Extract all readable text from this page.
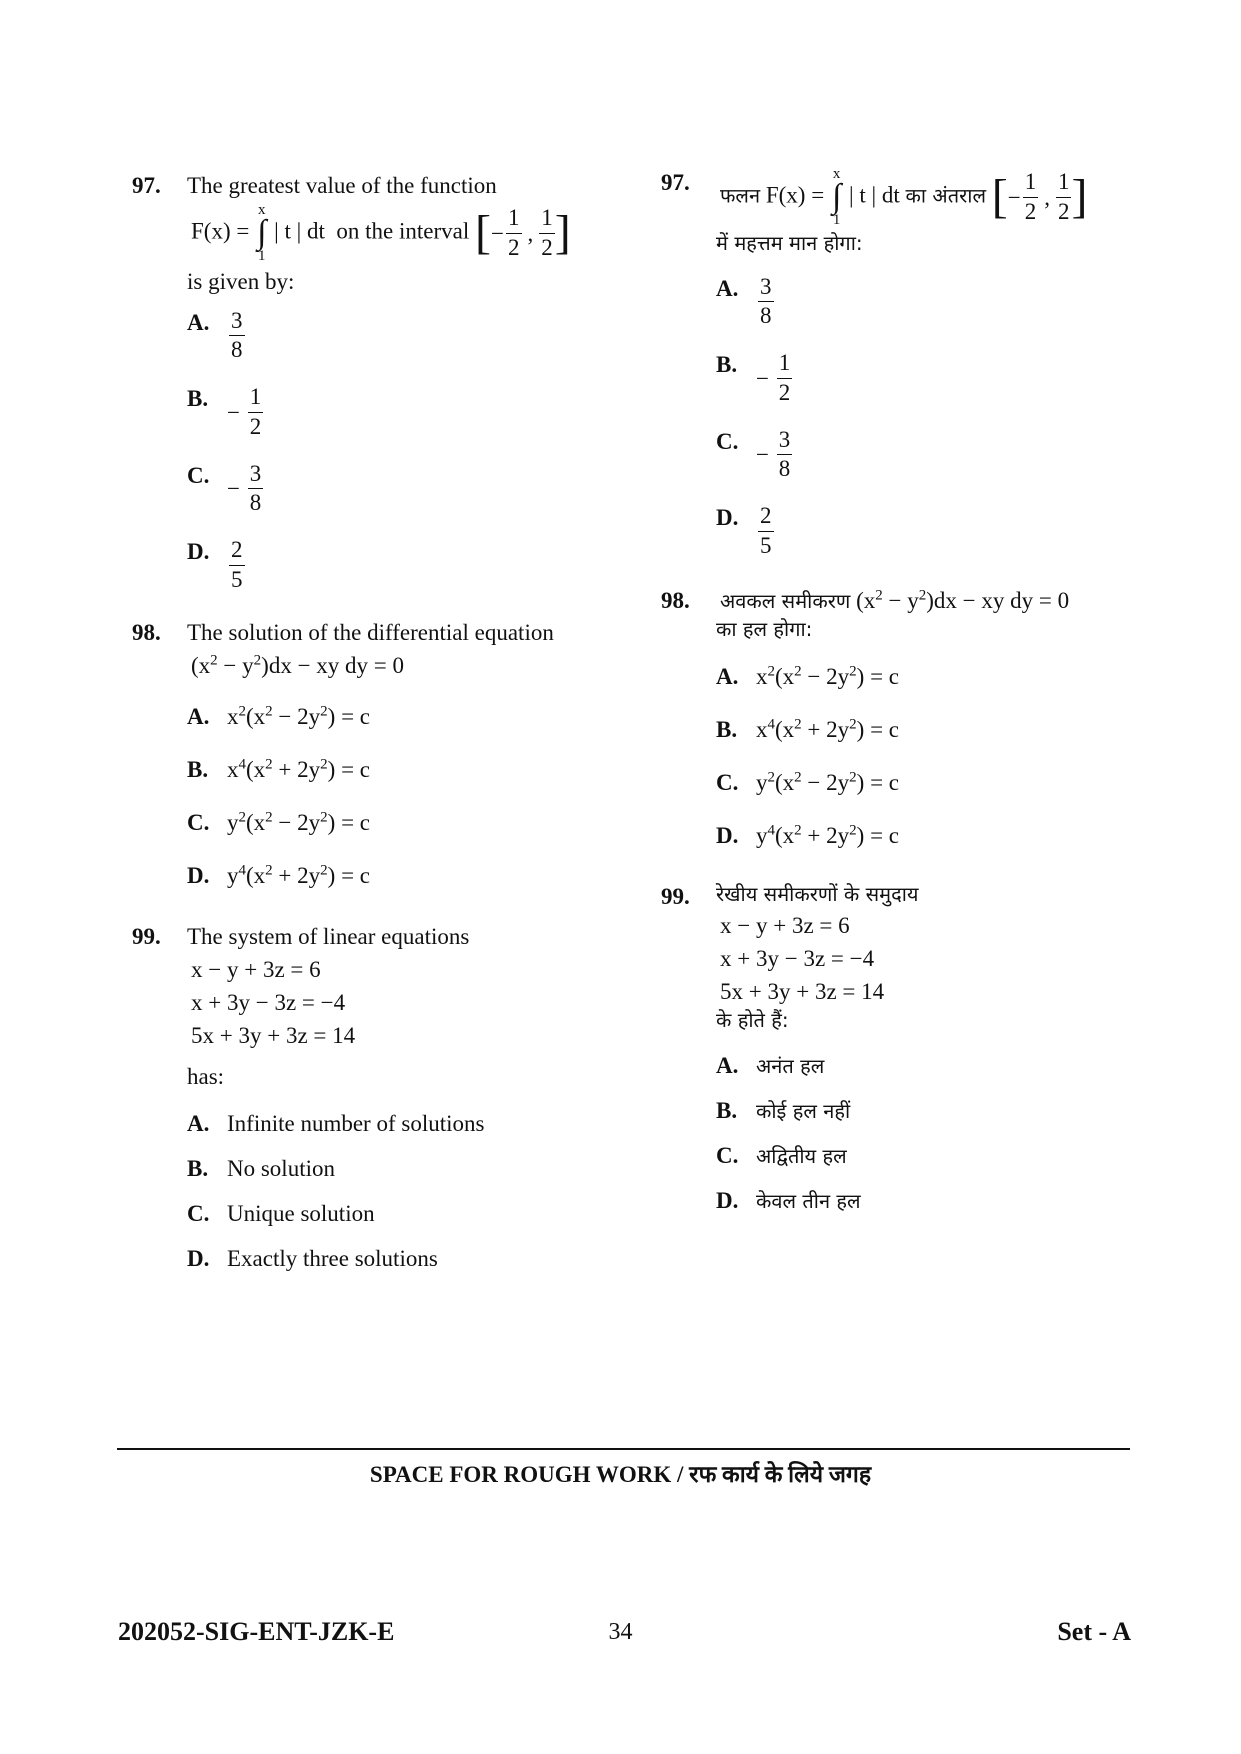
97. The greatest value of the function

F(x) =
x
∫
1
| t | dt on the interval [ − $\frac{1}{2}$ , $\frac{1}{2}$ ]

is given by:

A. $\frac{3}{8}$
B.
− $\frac{1}{2}$
C.
− $\frac{3}{8}$
D. $\frac{2}{5}$
98. The solution of the differential equation

$(x^2 - y^2)dx$ − xy dy = 0
A. $x^2(x^2 - 2y^2) = c$
B. $x^4(x^2 + 2y^2) = c$
C. $y^2(x^2 - 2y^2) = c$
D. $y^4(x^2 + 2y^2) = c$
99. The system of linear equations

x − y + 3z = 6
x + 3y − 3z = −4
5x + 3y + 3z = 14

has:

A. Infinite number of solutions
B. No solution
C. Unique solution
D. Exactly three solutions
97.
फलन F(x) =
x
∫
1
| t | dt का अंतराल [ − $\frac{1}{2}$ , $\frac{1}{2}$ ]

में महत्तम मान होगा:

A. $\frac{3}{8}$
B.
− $\frac{1}{2}$
C.
− $\frac{3}{8}$
D. $\frac{2}{5}$
98. अवकल समीकरण $(x^2 - y^2)dx$ − xy dy = 0

का हल होगा:

A. $x^2(x^2 - 2y^2) = c$
B. $x^4(x^2 + 2y^2) = c$
C. $y^2(x^2 - 2y^2) = c$
D. $y^4(x^2 + 2y^2) = c$
99. रेखीय समीकरणों के समुदाय

x − y + 3z = 6
x + 3y − 3z = −4
5x + 3y + 3z = 14

के होते हैं:

A. अनंत हल
B. कोई हल नहीं
C. अद्वितीय हल
D. केवल तीन हल
SPACE FOR ROUGH WORK / रफ कार्य के लिये जगह
202052-SIG-ENT-JZK-E	34	Set - A
